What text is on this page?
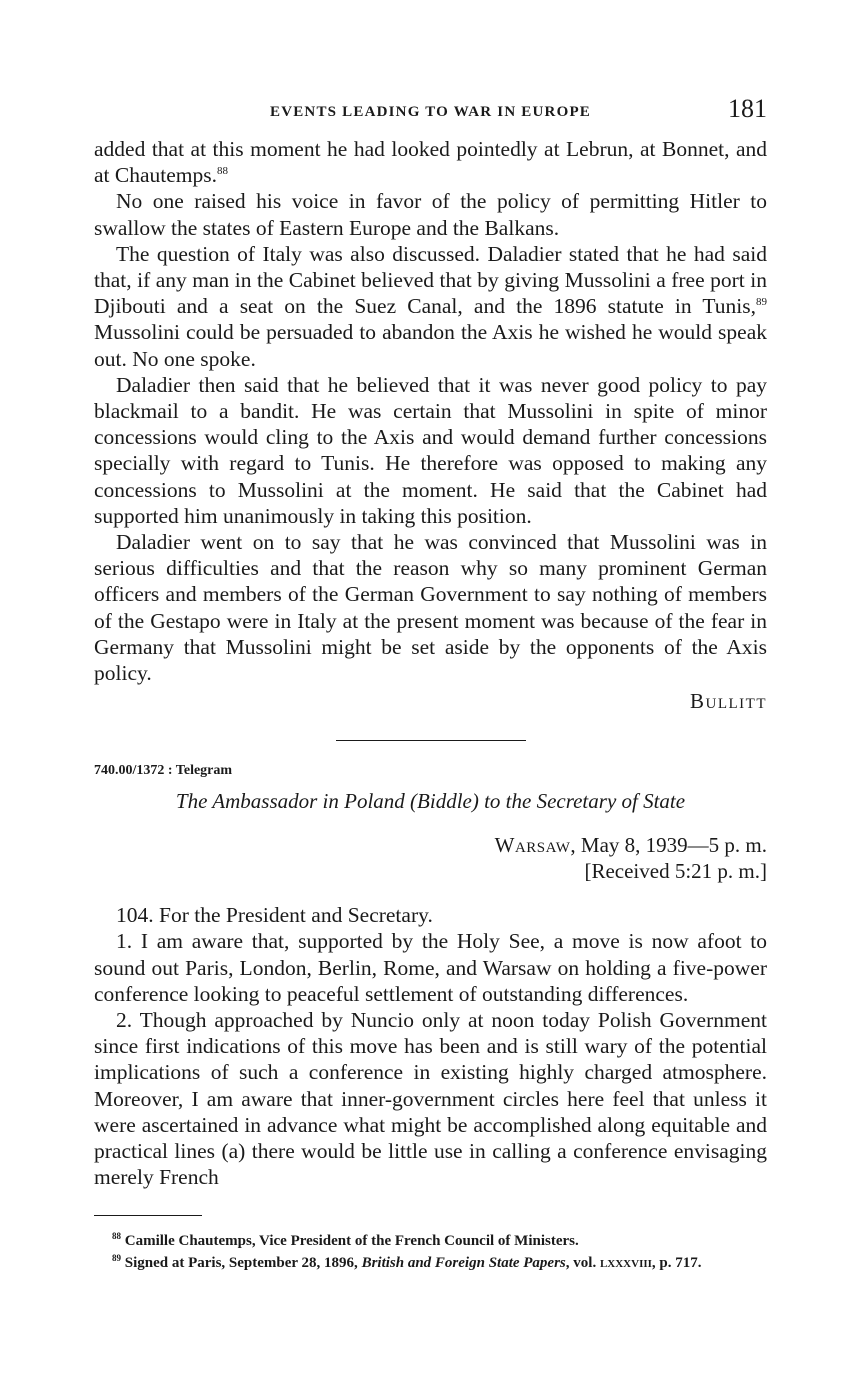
EVENTS LEADING TO WAR IN EUROPE	181

added that at this moment he had looked pointedly at Lebrun, at Bonnet, and at Chautemps.$^{88}$

No one raised his voice in favor of the policy of permitting Hitler to swallow the states of Eastern Europe and the Balkans.

The question of Italy was also discussed. Daladier stated that he had said that, if any man in the Cabinet believed that by giving Mussolini a free port in Djibouti and a seat on the Suez Canal, and the 1896 statute in Tunis,$^{89}$ Mussolini could be persuaded to abandon the Axis he wished he would speak out. No one spoke.

Daladier then said that he believed that it was never good policy to pay blackmail to a bandit. He was certain that Mussolini in spite of minor concessions would cling to the Axis and would demand further concessions specially with regard to Tunis. He therefore was opposed to making any concessions to Mussolini at the moment. He said that the Cabinet had supported him unanimously in taking this position.

Daladier went on to say that he was convinced that Mussolini was in serious difficulties and that the reason why so many prominent German officers and members of the German Government to say nothing of members of the Gestapo were in Italy at the present moment was because of the fear in Germany that Mussolini might be set aside by the opponents of the Axis policy.

Bullitt
740.00/1372 : Telegram
The Ambassador in Poland (Biddle) to the Secretary of State
Warsaw, May 8, 1939—5 p. m.
[Received 5:21 p. m.]

104. For the President and Secretary.

1. I am aware that, supported by the Holy See, a move is now afoot to sound out Paris, London, Berlin, Rome, and Warsaw on holding a five-power conference looking to peaceful settlement of outstanding differences.

2. Though approached by Nuncio only at noon today Polish Government since first indications of this move has been and is still wary of the potential implications of such a conference in existing highly charged atmosphere. Moreover, I am aware that inner-government circles here feel that unless it were ascertained in advance what might be accomplished along equitable and practical lines (a) there would be little use in calling a conference envisaging merely French

$^{88}$ Camille Chautemps, Vice President of the French Council of Ministers.
$^{89}$ Signed at Paris, September 28, 1896, British and Foreign State Papers, vol. lxxxviii, p. 717.
